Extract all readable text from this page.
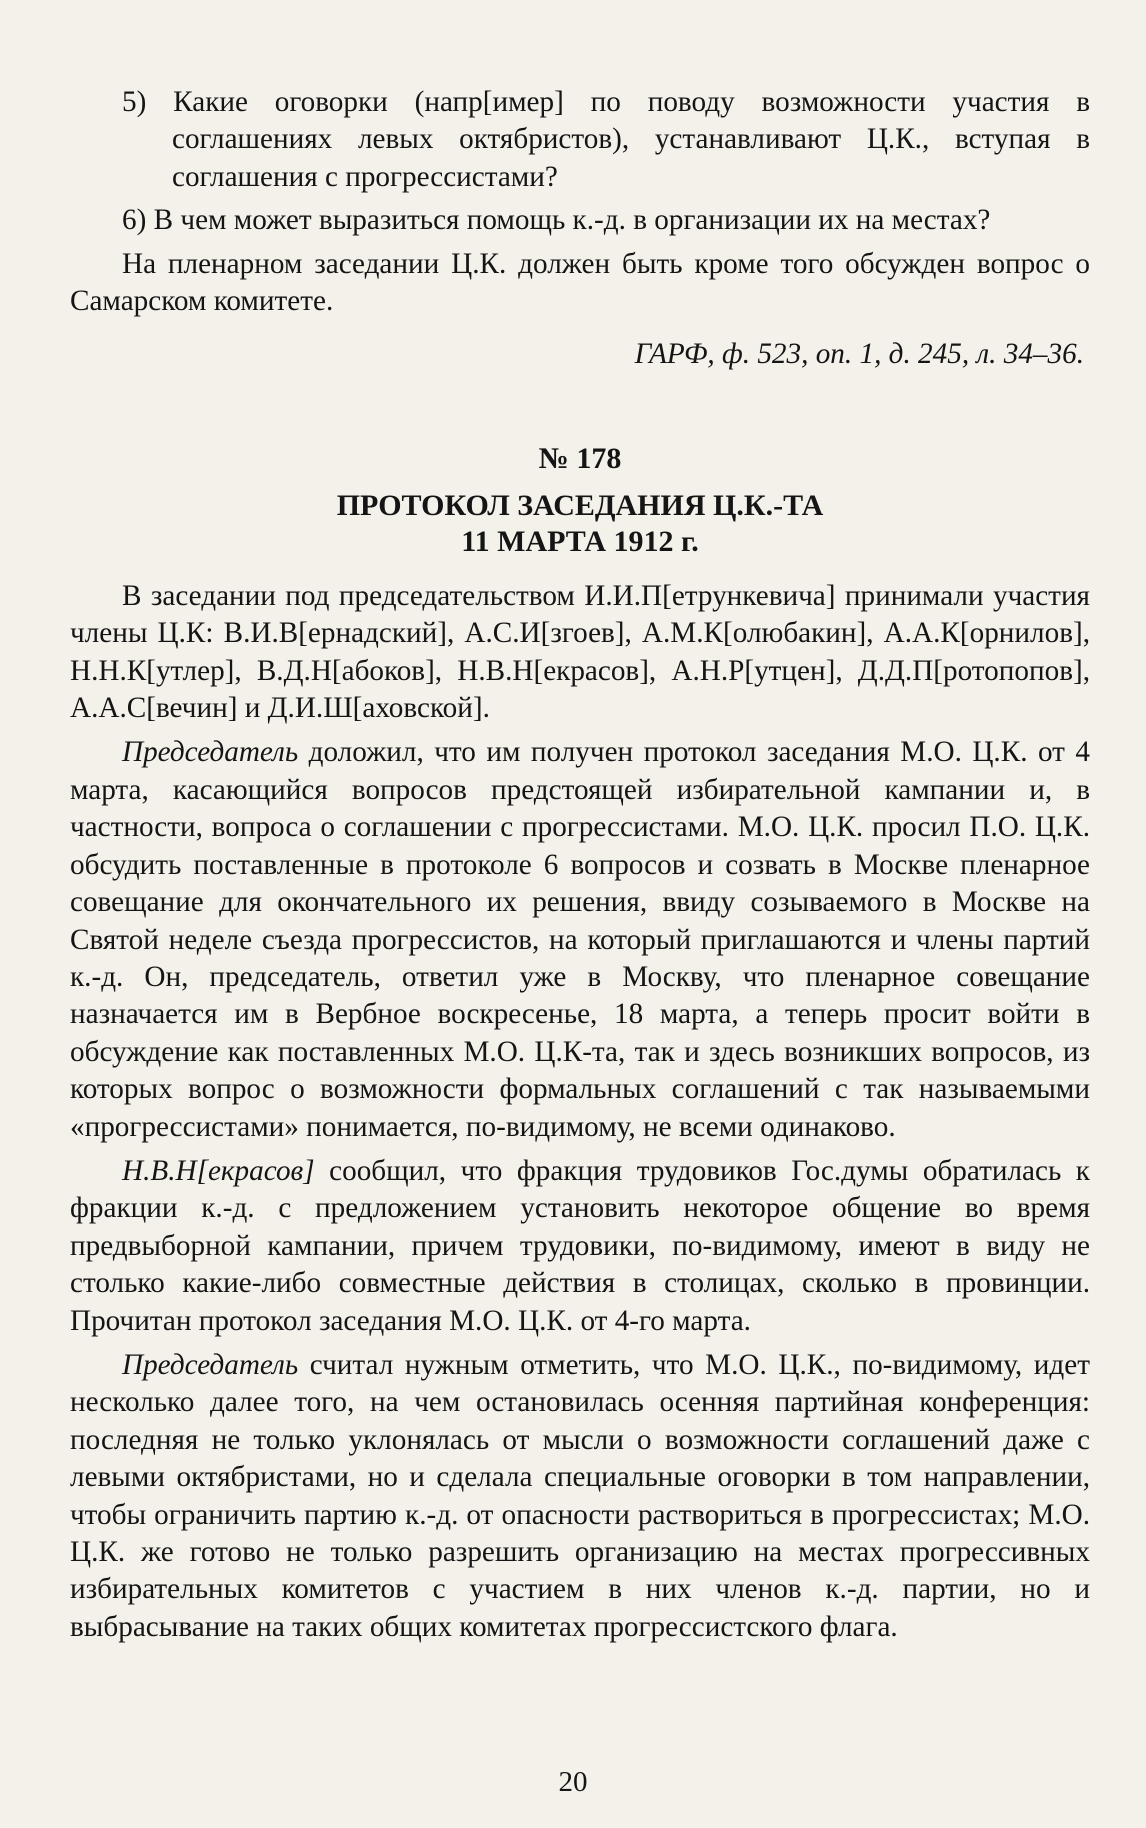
5) Какие оговорки (напр[имер] по поводу возможности участия в соглашениях левых октябристов), устанавливают Ц.К., вступая в соглашения с прогрессистами?

6) В чем может выразиться помощь к.-д. в организации их на местах?

На пленарном заседании Ц.К. должен быть кроме того обсужден вопрос о Самарском комитете.

ГАРФ, ф. 523, оп. 1, д. 245, л. 34–36.

№ 178

ПРОТОКОЛ ЗАСЕДАНИЯ Ц.К.-ТА

11 МАРТА 1912 г.

В заседании под председательством И.И.П[етрункевича] принимали участия члены Ц.К: В.И.В[ернадский], А.С.И[згоев], А.М.К[олюбакин], А.А.К[орнилов], Н.Н.К[утлер], В.Д.Н[абоков], Н.В.Н[екрасов], А.Н.Р[утцен], Д.Д.П[ротопопов], А.А.С[вечин] и Д.И.Ш[аховской].

Председатель доложил, что им получен протокол заседания М.О. Ц.К. от 4 марта, касающийся вопросов предстоящей избирательной кампании и, в частности, вопроса о соглашении с прогрессистами. М.О. Ц.К. просил П.О. Ц.К. обсудить поставленные в протоколе 6 вопросов и созвать в Москве пленарное совещание для окончательного их решения, ввиду созываемого в Москве на Святой неделе съезда прогрессистов, на который приглашаются и члены партий к.-д. Он, председатель, ответил уже в Москву, что пленарное совещание назначается им в Вербное воскресенье, 18 марта, а теперь просит войти в обсуждение как поставленных М.О. Ц.К-та, так и здесь возникших вопросов, из которых вопрос о возможности формальных соглашений с так называемыми «прогрессистами» понимается, по-видимому, не всеми одинаково.

Н.В.Н[екрасов] сообщил, что фракция трудовиков Гос.думы обратилась к фракции к.-д. с предложением установить некоторое общение во время предвыборной кампании, причем трудовики, по-видимому, имеют в виду не столько какие-либо совместные действия в столицах, сколько в провинции. Прочитан протокол заседания М.О. Ц.К. от 4-го марта.

Председатель считал нужным отметить, что М.О. Ц.К., по-видимому, идет несколько далее того, на чем остановилась осенняя партийная конференция: последняя не только уклонялась от мысли о возможности соглашений даже с левыми октябристами, но и сделала специальные оговорки в том направлении, чтобы ограничить партию к.-д. от опасности раствориться в прогрессистах; М.О. Ц.К. же готово не только разрешить организацию на местах прогрессивных избирательных комитетов с участием в них членов к.-д. партии, но и выбрасывание на таких общих комитетах прогрессистского флага.

20
